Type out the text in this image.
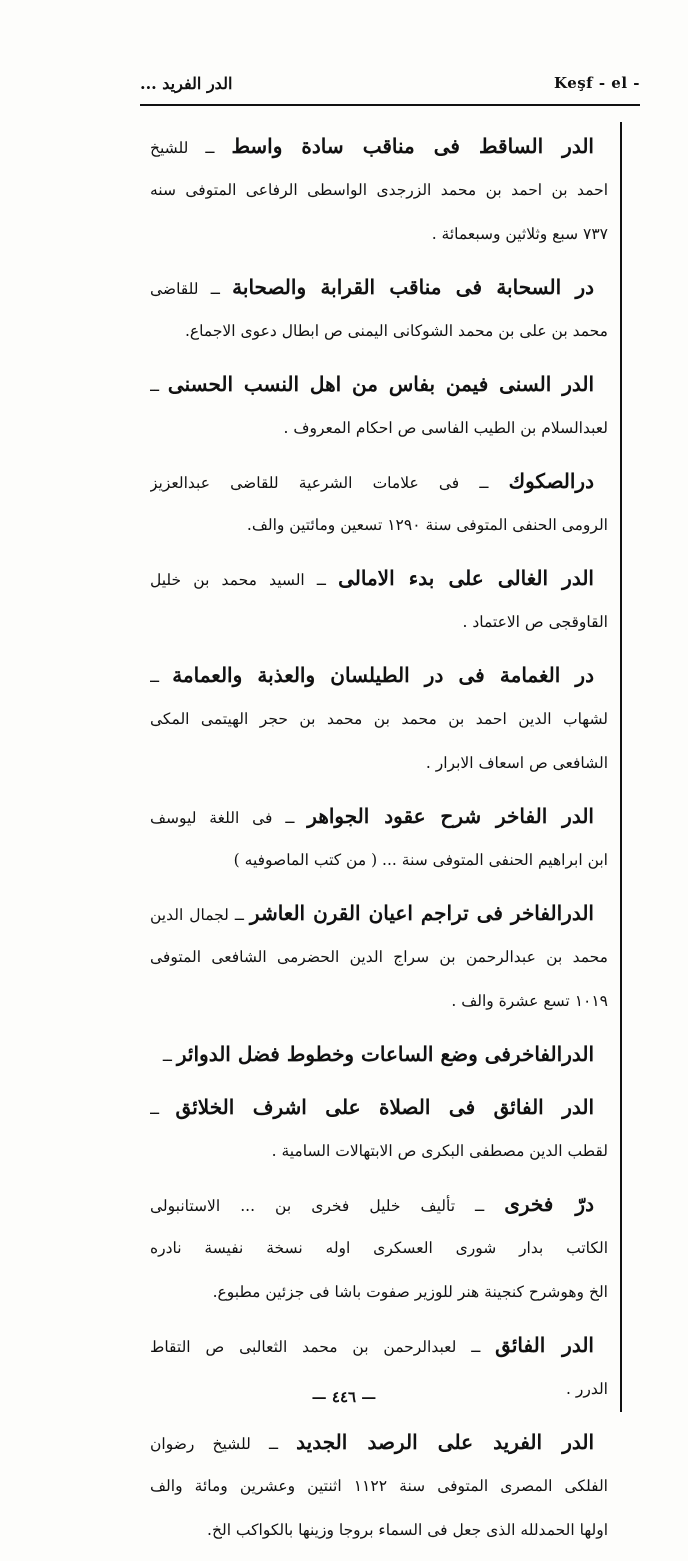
الدر الفريد ...	Keşf - el -
الدر الساقط فى مناقب سادة واسط ــ للشيخ
احمد بن احمد بن محمد الزرجدى الواسطى الرفاعى المتوفى سنه
٧٣٧ سبع وثلاثين وسبعمائة .
در السحابة فى مناقب القرابة والصحابة ــ للقاضى
محمد بن على بن محمد الشوكانى اليمنى ص ابطال دعوى الاجماع.
الدر السنى فيمن بفاس من اهل النسب الحسنى ــ
لعبدالسلام بن الطيب الفاسى ص احكام المعروف .
درالصكوك ــ فى علامات الشرعية للقاضى عبدالعزيز
الرومى الحنفى المتوفى سنة ١٢٩٠ تسعين ومائتين والف.
الدر الغالى على بدء الامالى ــ السيد محمد بن خليل
القاوقجى ص الاعتماد .
در الغمامة فى در الطيلسان والعذبة والعمامة ــ
لشهاب الدين احمد بن محمد بن محمد بن حجر الهيتمى المكى
الشافعى ص اسعاف الابرار .
الدر الفاخر شرح عقود الجواهر ــ فى اللغة ليوسف
ابن ابراهيم الحنفى المتوفى سنة ... ( من كتب الماصوفيه )
الدرالفاخر فى تراجم اعيان القرن العاشر ــ لجمال الدين
محمد بن عبدالرحمن بن سراج الدين الحضرمى الشافعى المتوفى
١٠١٩ تسع عشرة والف .
الدرالفاخرفى وضع الساعات وخطوط فضل الدوائر ــ
الدر الفائق فى الصلاة على اشرف الخلائق ــ
لقطب الدين مصطفى البكرى ص الابتهالات السامية .
درّ فخرى ــ تأليف خليل فخرى بن ... الاستانبولى
الكاتب بدار شورى العسكرى اوله نسخة نفيسة نادره
الخ وهوشرح كنجينة هنر للوزير صفوت باشا فى جزئين مطبوع.
الدر الفائق ــ لعبدالرحمن بن محمد الثعالبى ص التقاط
الدرر .
الدر الفريد على الرصد الجديد ــ للشيخ رضوان
الفلكى المصرى المتوفى سنة ١١٢٢ اثنتين وعشرين ومائة والف
اولها الحمدلله الذى جعل فى السماء بروجا وزينها بالكواكب الخ.
— ٤٤٦ —
